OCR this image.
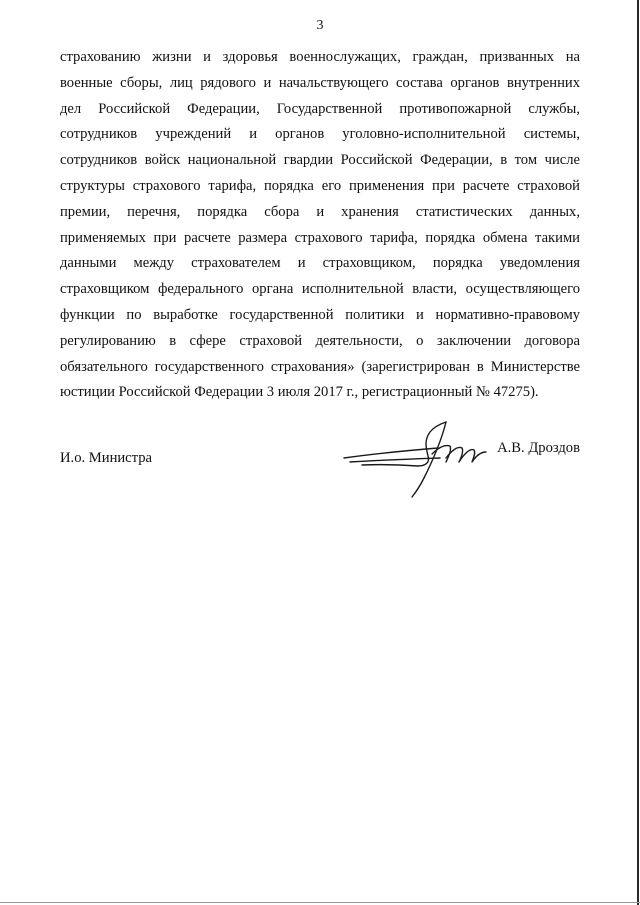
3
страхованию жизни и здоровья военнослужащих, граждан, призванных на
военные сборы, лиц рядового и начальствующего состава органов внутренних
дел Российской Федерации, Государственной противопожарной службы,
сотрудников учреждений и органов уголовно-исполнительной системы,
сотрудников войск национальной гвардии Российской Федерации, в том числе
структуры страхового тарифа, порядка его применения при расчете страховой
премии, перечня, порядка сбора и хранения статистических данных,
применяемых при расчете размера страхового тарифа, порядка обмена такими
данными между страхователем и страховщиком, порядка уведомления
страховщиком федерального органа исполнительной власти, осуществляющего
функции по выработке государственной политики и нормативно-правовому
регулированию в сфере страховой деятельности, о заключении договора
обязательного государственного страхования» (зарегистрирован в Министерстве
юстиции Российской Федерации 3 июля 2017 г., регистрационный № 47275).
И.о. Министра
А.В. Дроздов
